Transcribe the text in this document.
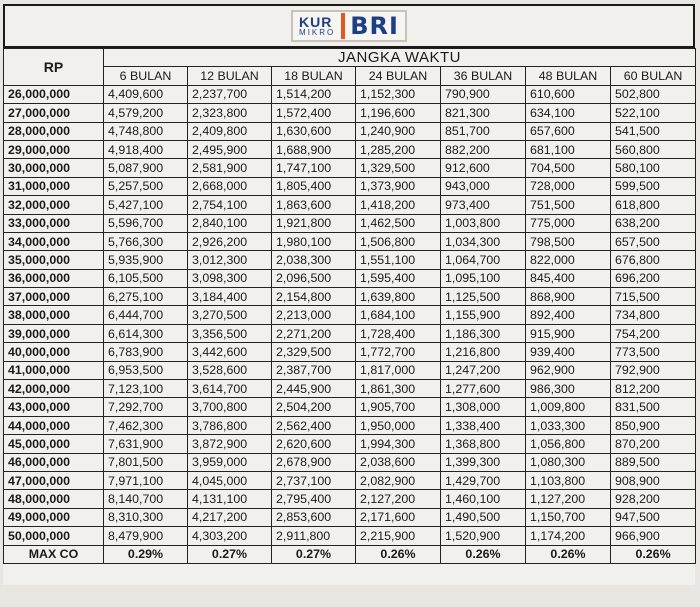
KUR
MIKRO BRI
RP	JANGKA WAKTU						
	6 BULAN	12 BULAN	18 BULAN	24 BULAN	36 BULAN	48 BULAN	60 BULAN
26,000,000	4,409,600	2,237,700	1,514,200	1,152,300	790,900	610,600	502,800
27,000,000	4,579,200	2,323,800	1,572,400	1,196,600	821,300	634,100	522,100
28,000,000	4,748,800	2,409,800	1,630,600	1,240,900	851,700	657,600	541,500
29,000,000	4,918,400	2,495,900	1,688,900	1,285,200	882,200	681,100	560,800
30,000,000	5,087,900	2,581,900	1,747,100	1,329,500	912,600	704,500	580,100
31,000,000	5,257,500	2,668,000	1,805,400	1,373,900	943,000	728,000	599,500
32,000,000	5,427,100	2,754,100	1,863,600	1,418,200	973,400	751,500	618,800
33,000,000	5,596,700	2,840,100	1,921,800	1,462,500	1,003,800	775,000	638,200
34,000,000	5,766,300	2,926,200	1,980,100	1,506,800	1,034,300	798,500	657,500
35,000,000	5,935,900	3,012,300	2,038,300	1,551,100	1,064,700	822,000	676,800
36,000,000	6,105,500	3,098,300	2,096,500	1,595,400	1,095,100	845,400	696,200
37,000,000	6,275,100	3,184,400	2,154,800	1,639,800	1,125,500	868,900	715,500
38,000,000	6,444,700	3,270,500	2,213,000	1,684,100	1,155,900	892,400	734,800
39,000,000	6,614,300	3,356,500	2,271,200	1,728,400	1,186,300	915,900	754,200
40,000,000	6,783,900	3,442,600	2,329,500	1,772,700	1,216,800	939,400	773,500
41,000,000	6,953,500	3,528,600	2,387,700	1,817,000	1,247,200	962,900	792,900
42,000,000	7,123,100	3,614,700	2,445,900	1,861,300	1,277,600	986,300	812,200
43,000,000	7,292,700	3,700,800	2,504,200	1,905,700	1,308,000	1,009,800	831,500
44,000,000	7,462,300	3,786,800	2,562,400	1,950,000	1,338,400	1,033,300	850,900
45,000,000	7,631,900	3,872,900	2,620,600	1,994,300	1,368,800	1,056,800	870,200
46,000,000	7,801,500	3,959,000	2,678,900	2,038,600	1,399,300	1,080,300	889,500
47,000,000	7,971,100	4,045,000	2,737,100	2,082,900	1,429,700	1,103,800	908,900
48,000,000	8,140,700	4,131,100	2,795,400	2,127,200	1,460,100	1,127,200	928,200
49,000,000	8,310,300	4,217,200	2,853,600	2,171,600	1,490,500	1,150,700	947,500
50,000,000	8,479,900	4,303,200	2,911,800	2,215,900	1,520,900	1,174,200	966,900
MAX CO	0.29%	0.27%	0.27%	0.26%	0.26%	0.26%	0.26%
